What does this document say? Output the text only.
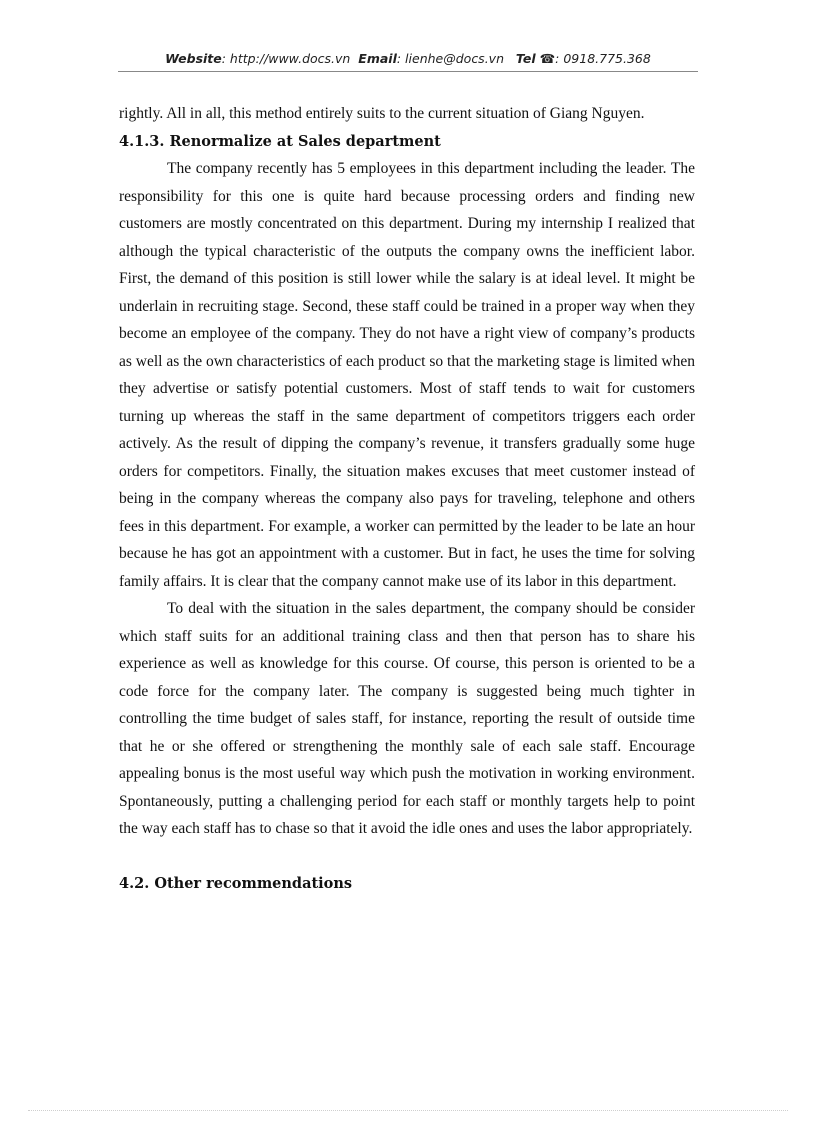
Website: http://www.docs.vn Email: lienhe@docs.vn Tel ☎: 0918.775.368

rightly. All in all, this method entirely suits to the current situation of Giang Nguyen.

4.1.3. Renormalize at Sales department

The company recently has 5 employees in this department including the leader. The responsibility for this one is quite hard because processing orders and finding new customers are mostly concentrated on this department. During my internship I realized that although the typical characteristic of the outputs the company owns the inefficient labor. First, the demand of this position is still lower while the salary is at ideal level. It might be underlain in recruiting stage. Second, these staff could be trained in a proper way when they become an employee of the company. They do not have a right view of company’s products as well as the own characteristics of each product so that the marketing stage is limited when they advertise or satisfy potential customers. Most of staff tends to wait for customers turning up whereas the staff in the same department of competitors triggers each order actively. As the result of dipping the company’s revenue, it transfers gradually some huge orders for competitors. Finally, the situation makes excuses that meet customer instead of being in the company whereas the company also pays for traveling, telephone and others fees in this department. For example, a worker can permitted by the leader to be late an hour because he has got an appointment with a customer. But in fact, he uses the time for solving family affairs. It is clear that the company cannot make use of its labor in this department.

To deal with the situation in the sales department, the company should be consider which staff suits for an additional training class and then that person has to share his experience as well as knowledge for this course. Of course, this person is oriented to be a code force for the company later. The company is suggested being much tighter in controlling the time budget of sales staff, for instance, reporting the result of outside time that he or she offered or strengthening the monthly sale of each sale staff. Encourage appealing bonus is the most useful way which push the motivation in working environment. Spontaneously, putting a challenging period for each staff or monthly targets help to point the way each staff has to chase so that it avoid the idle ones and uses the labor appropriately.

4.2. Other recommendations
